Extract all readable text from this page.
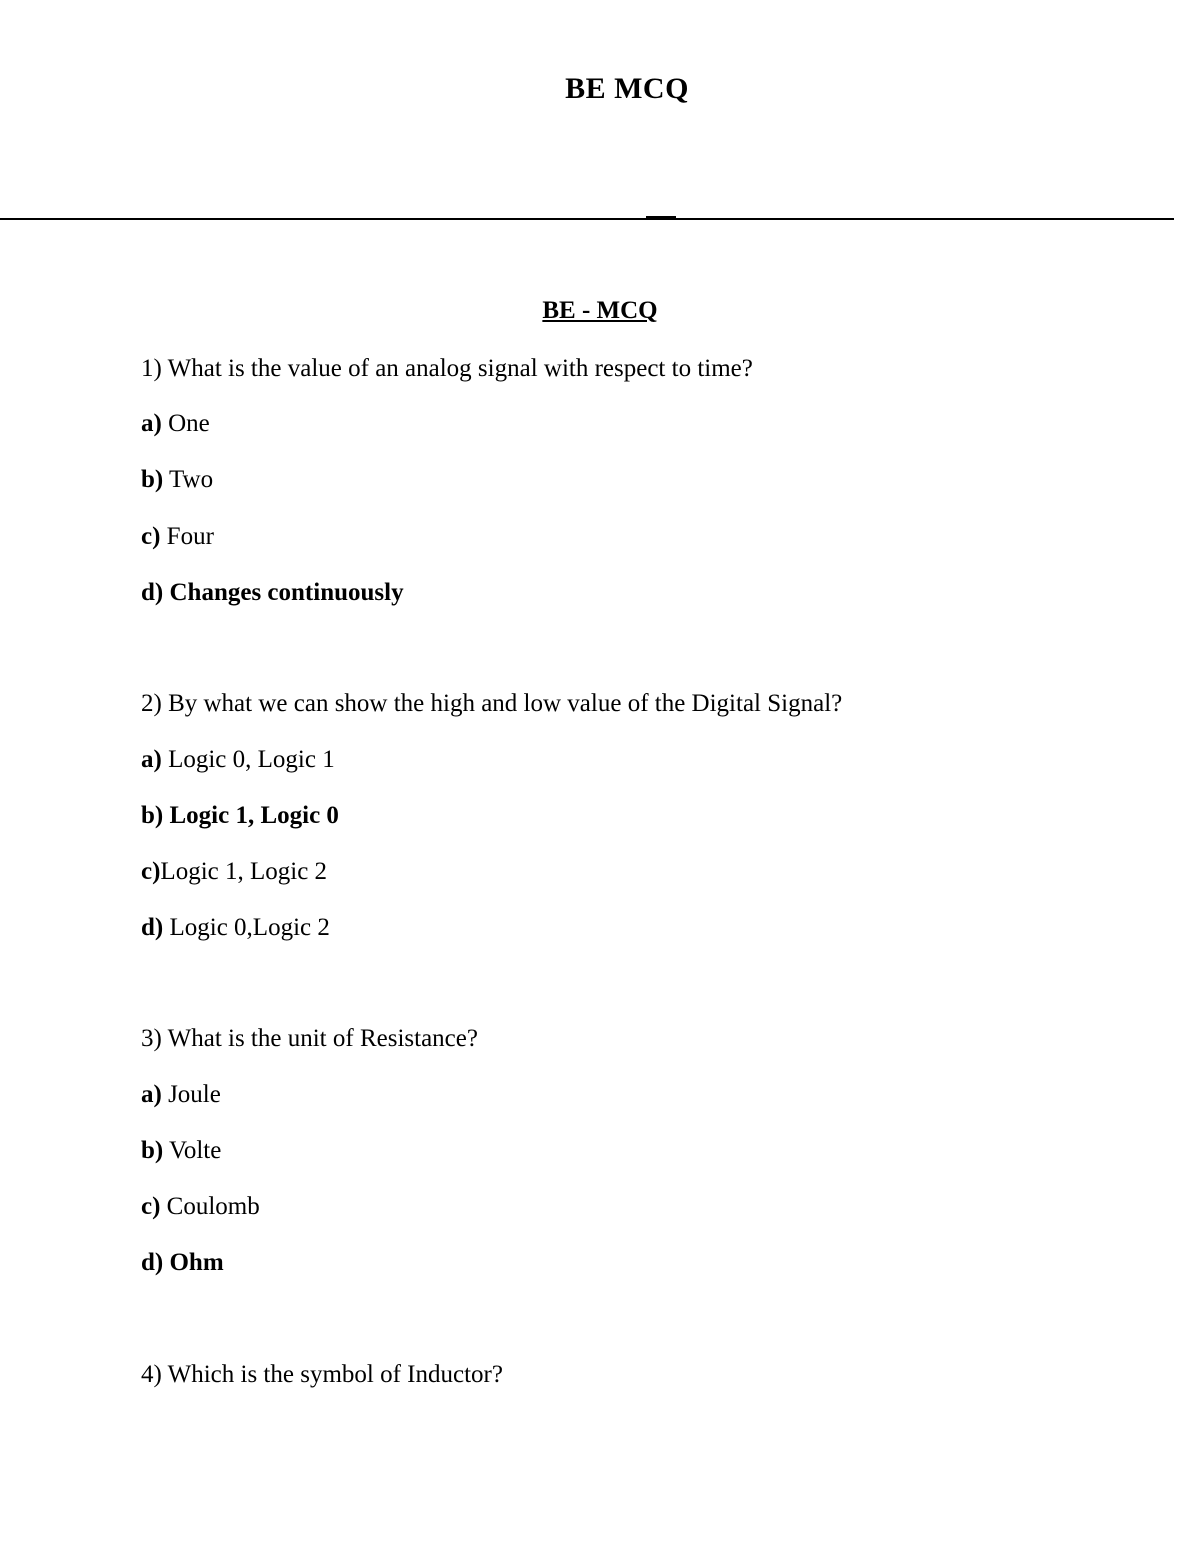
BE MCQ
BE - MCQ
1) What is the value of an analog signal with respect to time?
a) One
b) Two
c) Four
d) Changes continuously
2) By what we can show the high and low value of the Digital Signal?
a) Logic 0, Logic 1
b) Logic 1, Logic 0
c)Logic 1, Logic 2
d) Logic 0,Logic 2
3) What is the unit of Resistance?
a) Joule
b) Volte
c) Coulomb
d) Ohm
4) Which is the symbol of Inductor?
